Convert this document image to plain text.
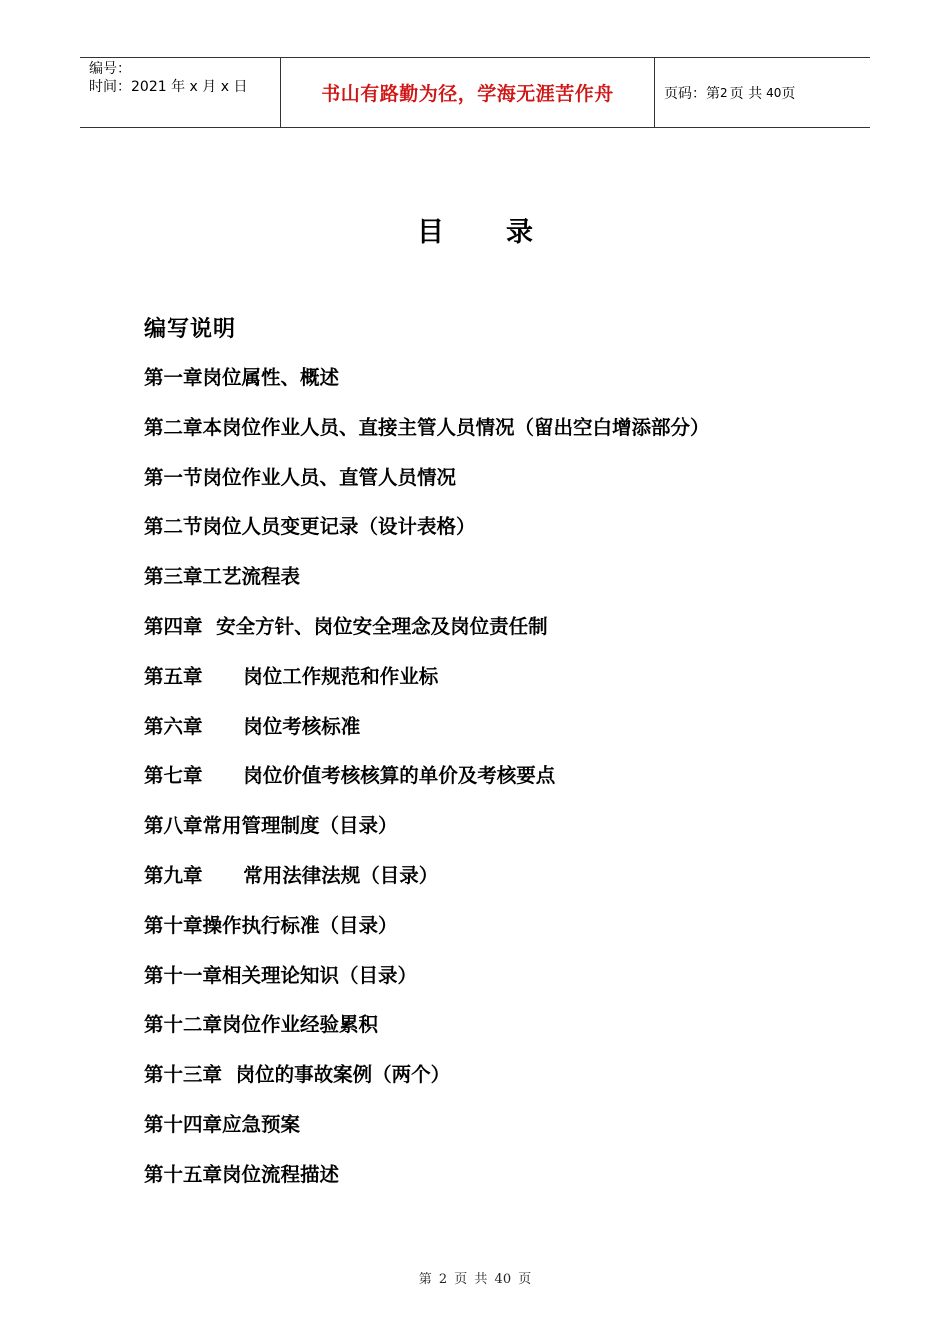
编号：
时间：2021 年 x 月 x 日	书山有路勤为径，学海无涯苦作舟	页码：第 2 页 共 40 页
目录
编写说明
第一章岗位属性、概述
第二章本岗位作业人员、直接主管人员情况（留出空白增添部分）
第一节岗位作业人员、直管人员情况
第二节岗位人员变更记录（设计表格）
第三章工艺流程表
第四章  安全方针、岗位安全理念及岗位责任制
第五章      岗位工作规范和作业标
第六章      岗位考核标准
第七章      岗位价值考核核算的单价及考核要点
第八章常用管理制度（目录）
第九章      常用法律法规（目录）
第十章操作执行标准（目录）
第十一章相关理论知识（目录）
第十二章岗位作业经验累积
第十三章  岗位的事故案例（两个）
第十四章应急预案
第十五章岗位流程描述
第 2 页 共 40 页
